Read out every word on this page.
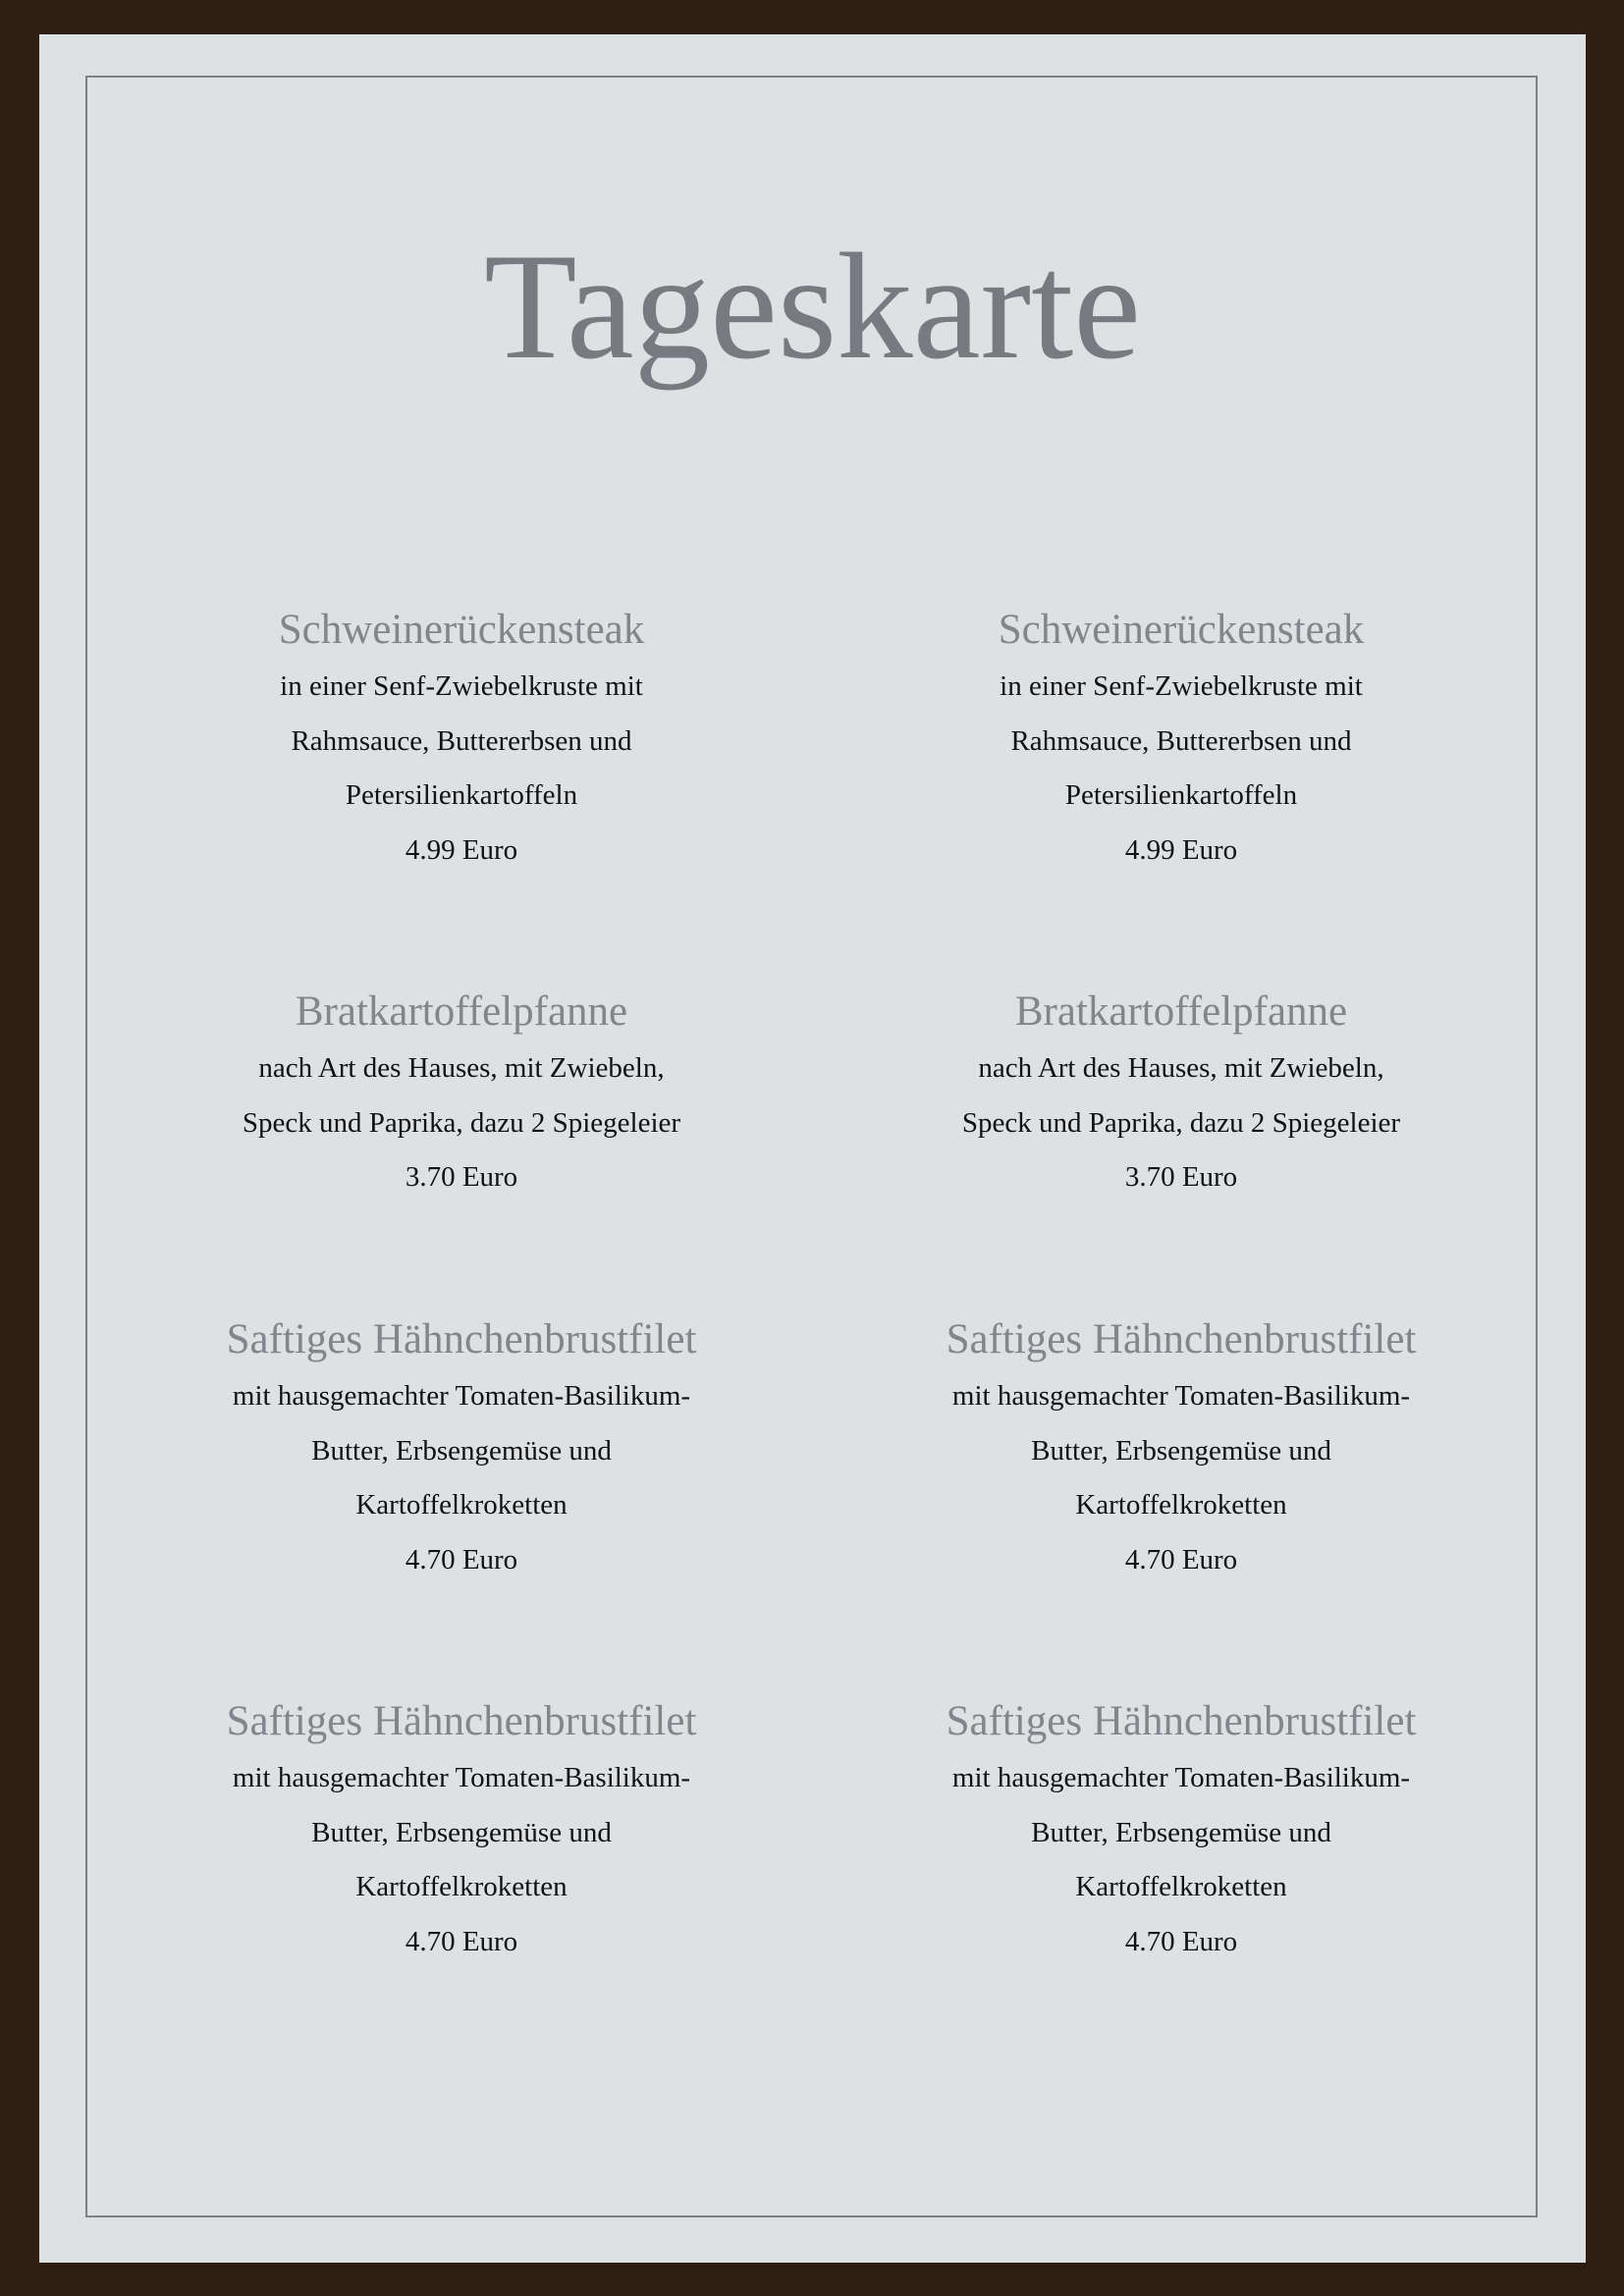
Tageskarte

Schweinerückensteak

in einer Senf-Zwiebelkruste mit

Rahmsauce, Buttererbsen und

Petersilienkartoffeln

4.99 Euro

Schweinerückensteak

in einer Senf-Zwiebelkruste mit

Rahmsauce, Buttererbsen und

Petersilienkartoffeln

4.99 Euro

Bratkartoffelpfanne

nach Art des Hauses, mit Zwiebeln,

Speck und Paprika, dazu 2 Spiegeleier

3.70 Euro

Bratkartoffelpfanne

nach Art des Hauses, mit Zwiebeln,

Speck und Paprika, dazu 2 Spiegeleier

3.70 Euro

Saftiges Hähnchenbrustfilet

mit hausgemachter Tomaten-Basilikum-

Butter, Erbsengemüse und

Kartoffelkroketten

4.70 Euro

Saftiges Hähnchenbrustfilet

mit hausgemachter Tomaten-Basilikum-

Butter, Erbsengemüse und

Kartoffelkroketten

4.70 Euro

Saftiges Hähnchenbrustfilet

mit hausgemachter Tomaten-Basilikum-

Butter, Erbsengemüse und

Kartoffelkroketten

4.70 Euro

Saftiges Hähnchenbrustfilet

mit hausgemachter Tomaten-Basilikum-

Butter, Erbsengemüse und

Kartoffelkroketten

4.70 Euro
